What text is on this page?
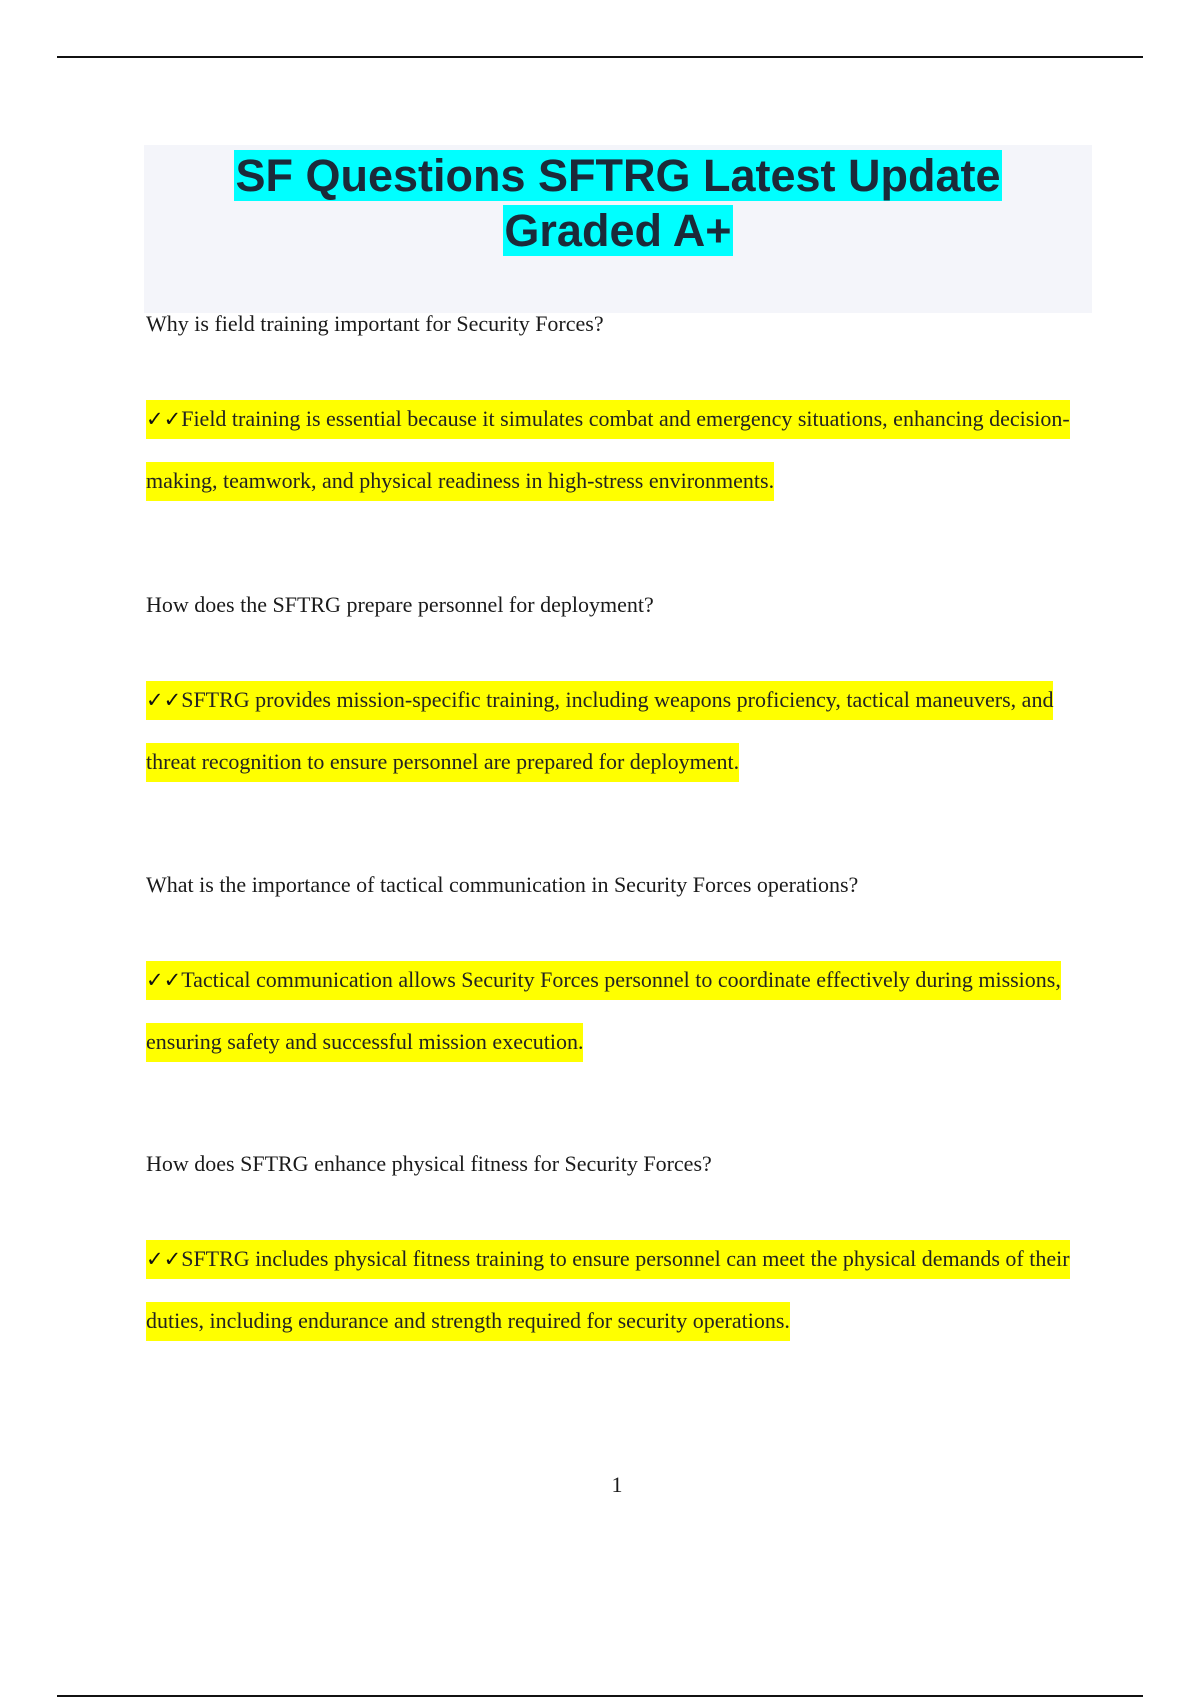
SF Questions SFTRG Latest Update
Graded A+

Why is field training important for Security Forces?

✓✓Field training is essential because it simulates combat and emergency situations, enhancing decision-making, teamwork, and physical readiness in high-stress environments.

How does the SFTRG prepare personnel for deployment?

✓✓SFTRG provides mission-specific training, including weapons proficiency, tactical maneuvers, and threat recognition to ensure personnel are prepared for deployment.

What is the importance of tactical communication in Security Forces operations?

✓✓Tactical communication allows Security Forces personnel to coordinate effectively during missions, ensuring safety and successful mission execution.

How does SFTRG enhance physical fitness for Security Forces?

✓✓SFTRG includes physical fitness training to ensure personnel can meet the physical demands of their duties, including endurance and strength required for security operations.
1
